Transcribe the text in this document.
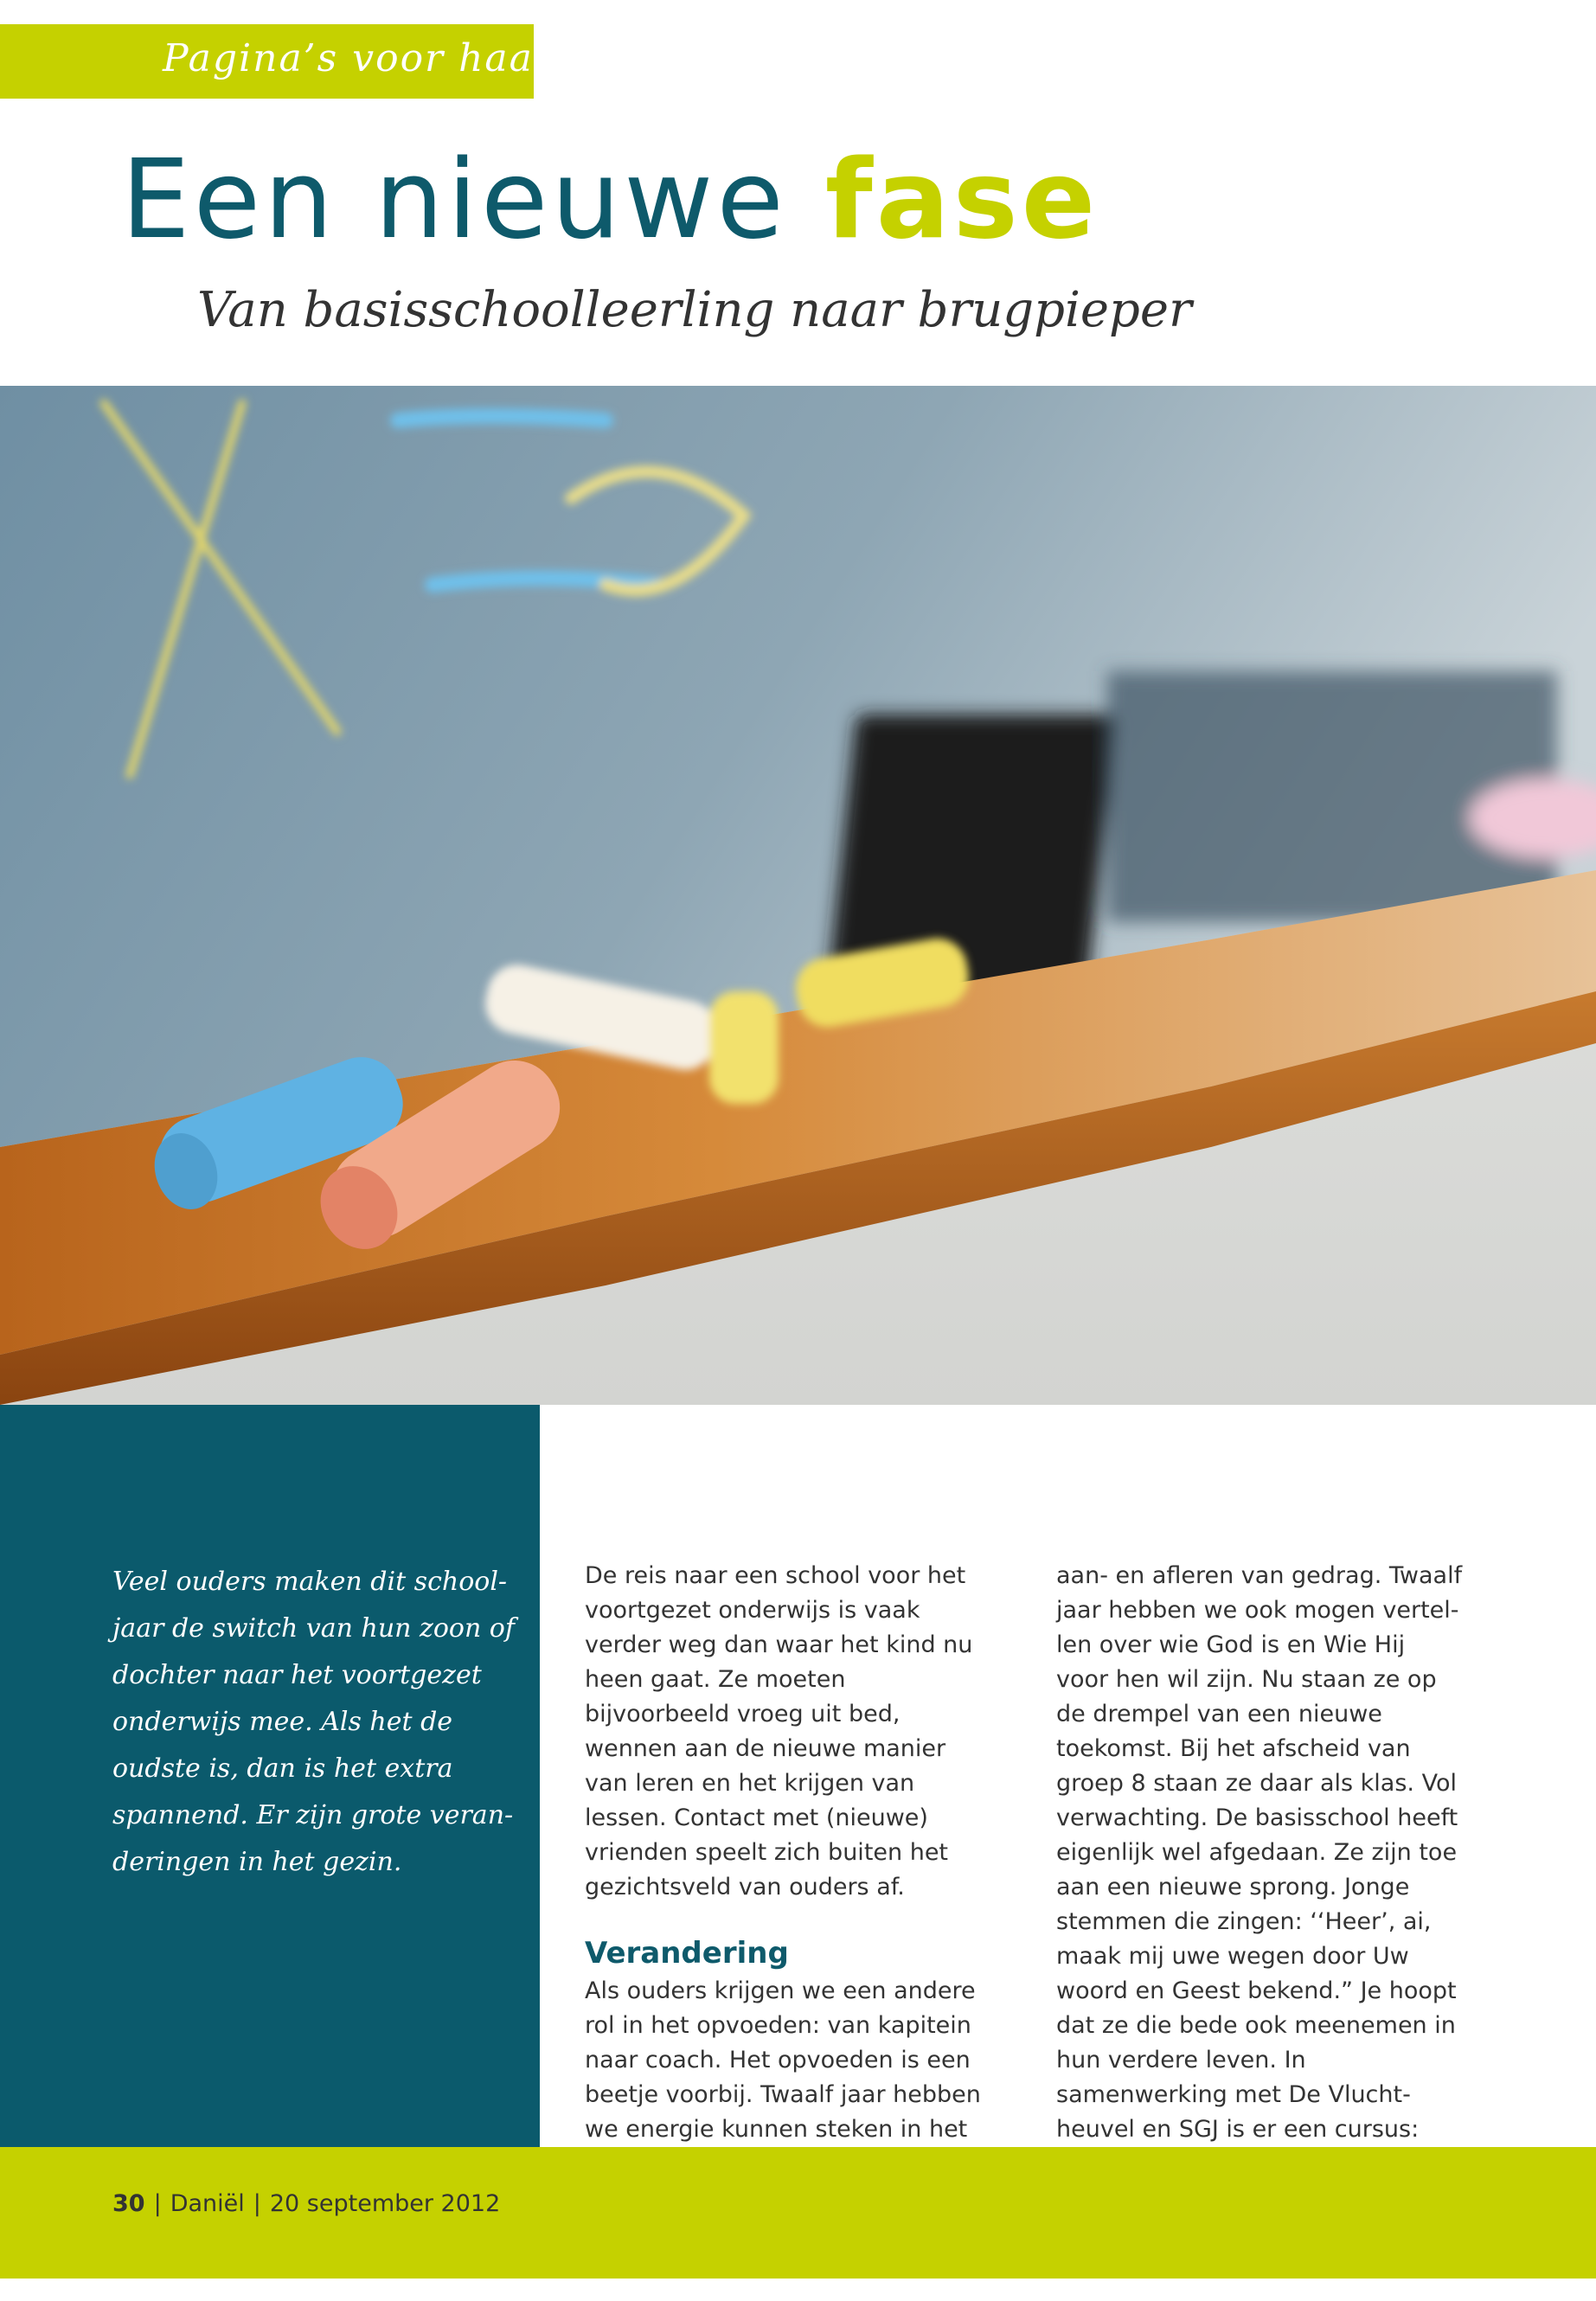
Pagina’s voor haar
Een nieuwe fase
Van basisschoolleerling naar brugpieper

Veel ouders maken dit schooljaar de switch van hun zoon of dochter naar het voortgezet onderwijs mee. Als het de oudste is, dan is het extra spannend. Er zijn grote veranderingen in het gezin.

De reis naar een school voor het voortgezet onderwijs is vaak verder weg dan waar het kind nu heen gaat. Ze moeten bijvoorbeeld vroeg uit bed, wennen aan de nieuwe manier van leren en het krijgen van lessen. Contact met (nieuwe) vrienden speelt zich buiten het gezichtsveld van ouders af.

Verandering

Als ouders krijgen we een andere rol in het opvoeden: van kapitein naar coach. Het opvoeden is een beetje voorbij. Twaalf jaar hebben we energie kunnen steken in het

aan- en afleren van gedrag. Twaalf jaar hebben we ook mogen vertellen over wie God is en Wie Hij voor hen wil zijn. Nu staan ze op de drempel van een nieuwe toekomst. Bij het afscheid van groep 8 staan ze daar als klas. Vol verwachting. De basisschool heeft eigenlijk wel afgedaan. Ze zijn toe aan een nieuwe sprong. Jonge stemmen die zingen: ‘‘Heer’, ai, maak mij uwe wegen door Uw woord en Geest bekend.” Je hoopt dat ze die bede ook meenemen in hun verdere leven. In samenwerking met De Vluchtheuvel en SGJ is er een cursus:

30 | Daniël | 20 september 2012
